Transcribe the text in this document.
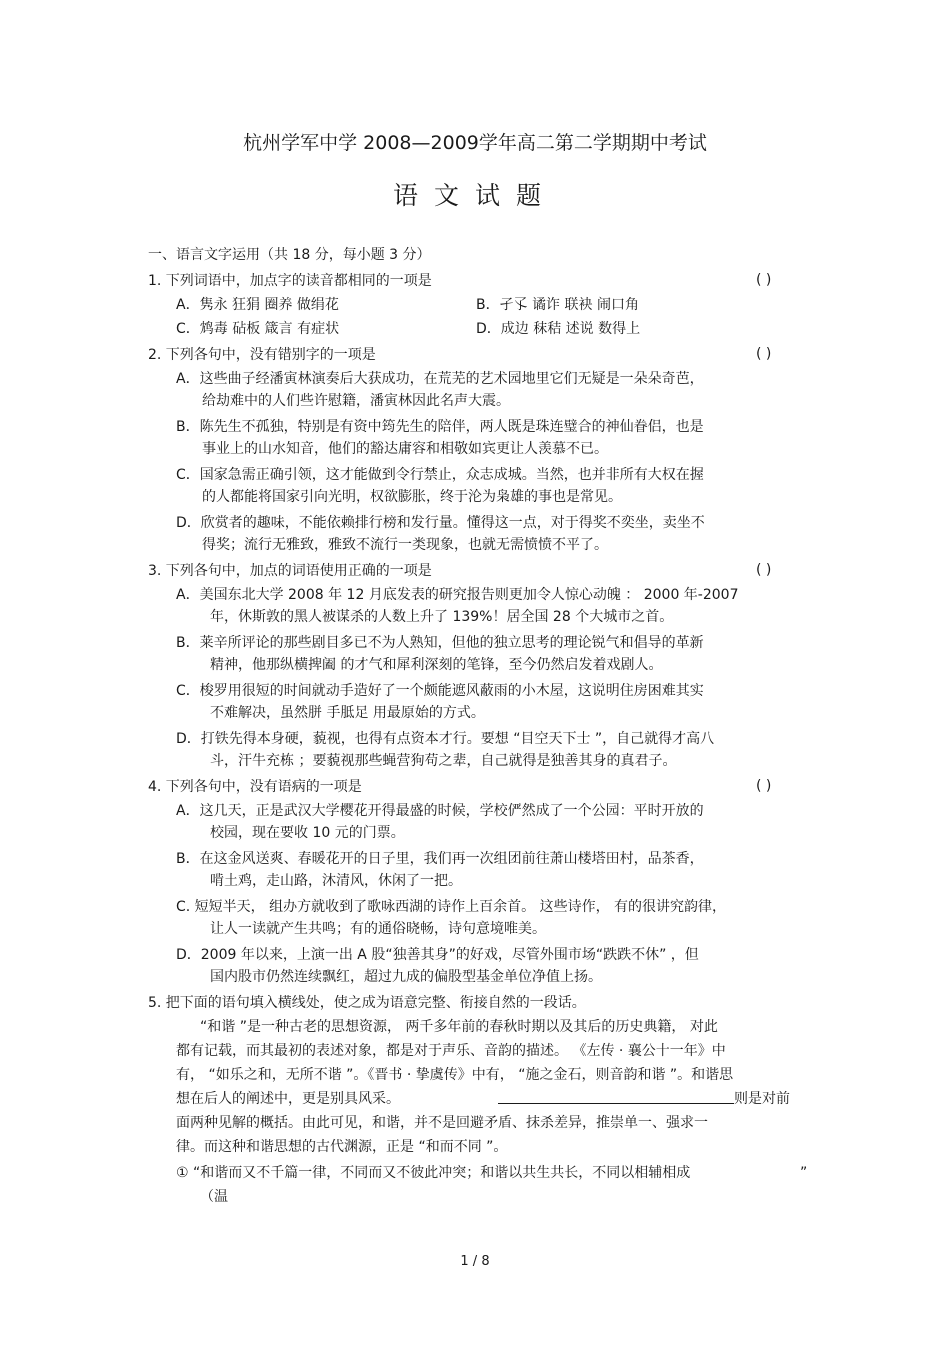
杭州学军中学 2008—2009学年高二第二学期期中考试
语文试题
一、语言文字运用（共 18 分，每小题 3 分）
1. 下列词语中，加点字的读音都相同的一项是	( )
A．隽永 狂狷 圈养 做绢花	B．孑孓 谲诈 联袂 闹口角
C．鸩毒 砧板 箴言 有症状	D．成边 秣秸 述说 数得上
2. 下列各句中，没有错别字的一项是	( )
A．这些曲子经潘寅林演奏后大获成功，在荒芜的艺术园地里它们无疑是一朵朵奇芭，
给劫难中的人们些许慰籍，潘寅林因此名声大震。
B．陈先生不孤独，特别是有资中筠先生的陪伴，两人既是珠连璧合的神仙眷侣，也是
事业上的山水知音，他们的豁达庸容和相敬如宾更让人羡慕不已。
C．国家急需正确引领，这才能做到令行禁止，众志成城。当然，也并非所有大权在握
的人都能将国家引向光明，权欲膨胀，终于沦为枭雄的事也是常见。
D．欣赏者的趣味，不能依赖排行榜和发行量。懂得这一点，对于得奖不奕坐，卖坐不
得奖；流行无雅致，雅致不流行一类现象，也就无需愤愤不平了。
3. 下列各句中，加点的词语使用正确的一项是	( )
A．美国东北大学 2008 年 12 月底发表的研究报告则更加令人惊心动魄 ： 2000 年-2007
年，休斯敦的黑人被谋杀的人数上升了 139%！居全国 28 个大城市之首。
B．莱辛所评论的那些剧目多已不为人熟知，但他的独立思考的理论锐气和倡导的革新
精神，他那纵横捭阖 的才气和犀利深刻的笔锋，至今仍然启发着戏剧人。
C．梭罗用很短的时间就动手造好了一个颇能遮风蔽雨的小木屋，这说明住房困难其实
不难解决，虽然胼 手胝足 用最原始的方式。
D．打铁先得本身硬，藐视，也得有点资本才行。要想 “目空天下士 ”，自己就得才高八
斗，汗牛充栋 ；要藐视那些蝇营狗苟之辈，自己就得是独善其身的真君子。
4. 下列各句中，没有语病的一项是	( )
A．这几天，正是武汉大学樱花开得最盛的时候，学校俨然成了一个公园：平时开放的
校园，现在要收 10 元的门票。
B．在这金风送爽、春暖花开的日子里，我们再一次组团前往萧山楼塔田村，品茶香，
啃土鸡，走山路，沐清风，休闲了一把。
C. 短短半天， 组办方就收到了歌咏西湖的诗作上百余首。 这些诗作， 有的很讲究韵律，
让人一读就产生共鸣；有的通俗晓畅，诗句意境唯美。
D．2009 年以来，上演一出 A 股“独善其身”的好戏，尽管外围市场“跌跌不休” ，但
国内股市仍然连续飘红，超过九成的偏股型基金单位净值上扬。
5. 把下面的语句填入横线处，使之成为语意完整、衔接自然的一段话。
“和谐 ”是一种古老的思想资源， 两千多年前的春秋时期以及其后的历史典籍， 对此
都有记载，而其最初的表述对象，都是对于声乐、音韵的描述。 《左传 · 襄公十一年》中
有， “如乐之和，无所不谐 ”。《晋书 · 挚虞传》中有， “施之金石，则音韵和谐 ”。和谐思
想在后人的阐述中，更是别具风采。	则是对前
面两种见解的概括。由此可见，和谐，并不是回避矛盾、抹杀差异，推崇单一、强求一
律。而这种和谐思想的古代渊源，正是 “和而不同 ”。
① “和谐而又不千篇一律，不同而又不彼此冲突；和谐以共生共长，不同以相辅相成	”
（温
1 / 8
